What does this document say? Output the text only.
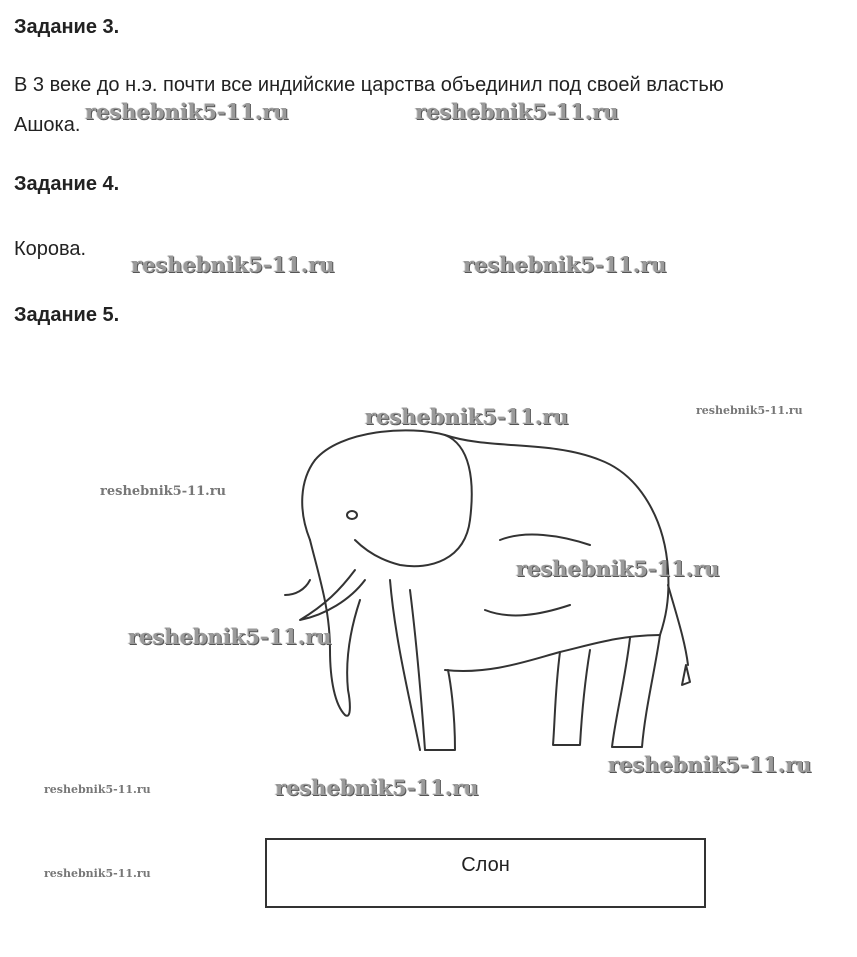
Задание 3.

В 3 веке до н.э. почти все индийские царства объединил под своей властью

Ашока.

Задание 4.

Корова.

Задание 5.
Слон
reshebnik5-11.ru	reshebnik5-11.ru
reshebnik5-11.ru	reshebnik5-11.ru
reshebnik5-11.ru	reshebnik5-11.ru
reshebnik5-11.ru
reshebnik5-11.ru
reshebnik5-11.ru
reshebnik5-11.ru
reshebnik5-11.ru
reshebnik5-11.ru
reshebnik5-11.ru
